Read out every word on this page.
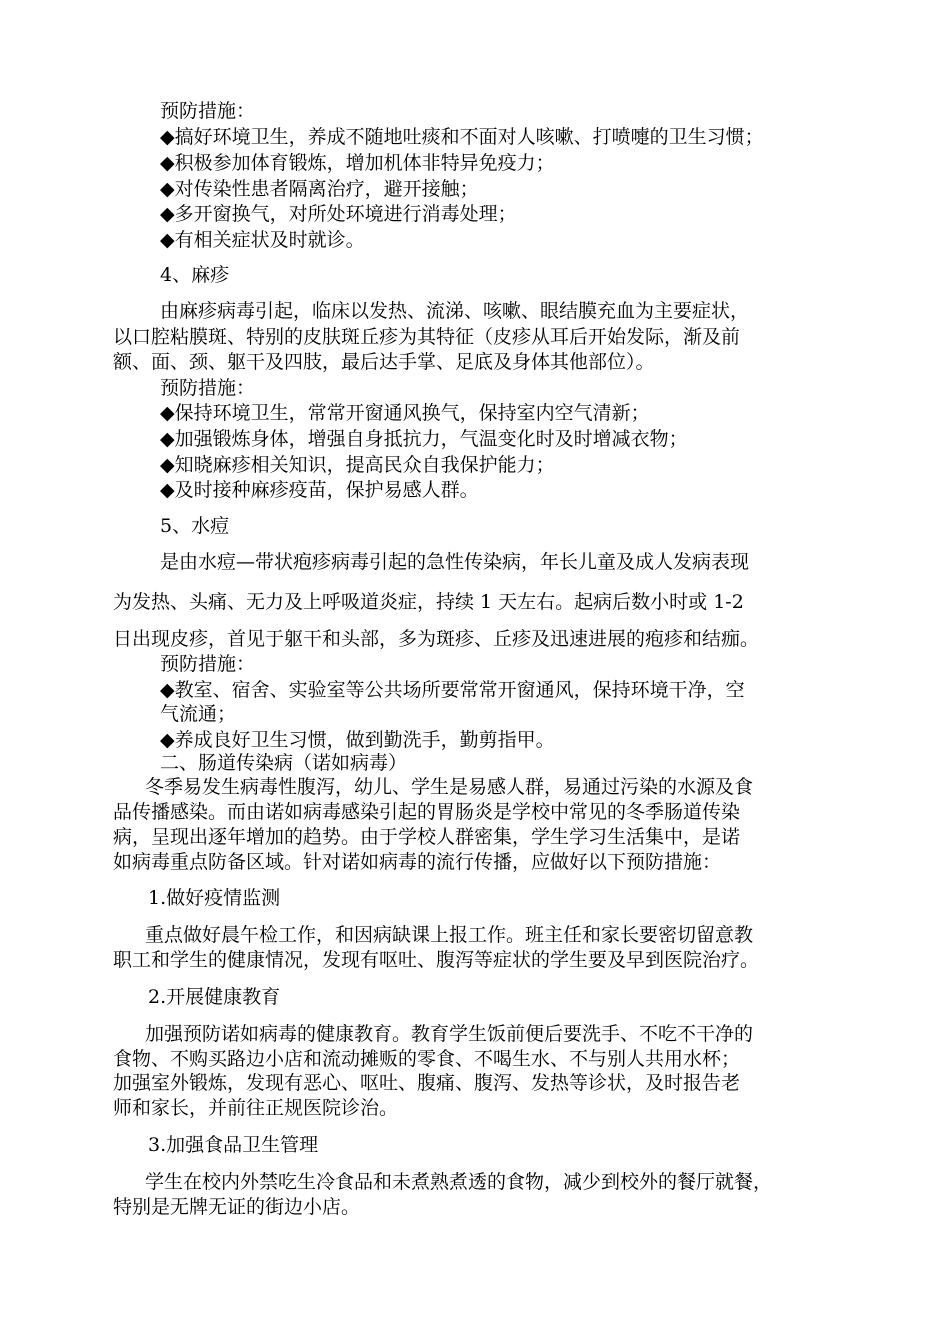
预防措施：
◆搞好环境卫生，养成不随地吐痰和不面对人咳嗽、打喷嚏的卫生习惯；
◆积极参加体育锻炼，增加机体非特异免疫力；
◆对传染性患者隔离治疗，避开接触；
◆多开窗换气，对所处环境进行消毒处理；
◆有相关症状及时就诊。
4、麻疹
由麻疹病毒引起，临床以发热、流涕、咳嗽、眼结膜充血为主要症状，
以口腔粘膜斑、特别的皮肤斑丘疹为其特征（皮疹从耳后开始发际，渐及前
额、面、颈、躯干及四肢，最后达手掌、足底及身体其他部位）。
预防措施：
◆保持环境卫生，常常开窗通风换气，保持室内空气清新；
◆加强锻炼身体，增强自身抵抗力，气温变化时及时增减衣物；
◆知晓麻疹相关知识，提高民众自我保护能力；
◆及时接种麻疹疫苗，保护易感人群。
5、水痘
是由水痘—带状疱疹病毒引起的急性传染病，年长儿童及成人发病表现
为发热、头痛、无力及上呼吸道炎症，持续 1 天左右。起病后数小时或 1-2
日出现皮疹，首见于躯干和头部，多为斑疹、丘疹及迅速进展的疱疹和结痂。
预防措施：
◆教室、宿舍、实验室等公共场所要常常开窗通风，保持环境干净，空
气流通；
◆养成良好卫生习惯，做到勤洗手，勤剪指甲。
二、肠道传染病（诺如病毒）
冬季易发生病毒性腹泻，幼儿、学生是易感人群，易通过污染的水源及食
品传播感染。而由诺如病毒感染引起的胃肠炎是学校中常见的冬季肠道传染
病，呈现出逐年增加的趋势。由于学校人群密集，学生学习生活集中，是诺
如病毒重点防备区域。针对诺如病毒的流行传播，应做好以下预防措施：
1.做好疫情监测
重点做好晨午检工作，和因病缺课上报工作。班主任和家长要密切留意教
职工和学生的健康情况，发现有呕吐、腹泻等症状的学生要及早到医院治疗。
2.开展健康教育
加强预防诺如病毒的健康教育。教育学生饭前便后要洗手、不吃不干净的
食物、不购买路边小店和流动摊贩的零食、不喝生水、不与别人共用水杯；
加强室外锻炼，发现有恶心、呕吐、腹痛、腹泻、发热等诊状，及时报告老
师和家长，并前往正规医院诊治。
3.加强食品卫生管理
学生在校内外禁吃生冷食品和未煮熟煮透的食物，减少到校外的餐厅就餐，
特别是无牌无证的街边小店。
